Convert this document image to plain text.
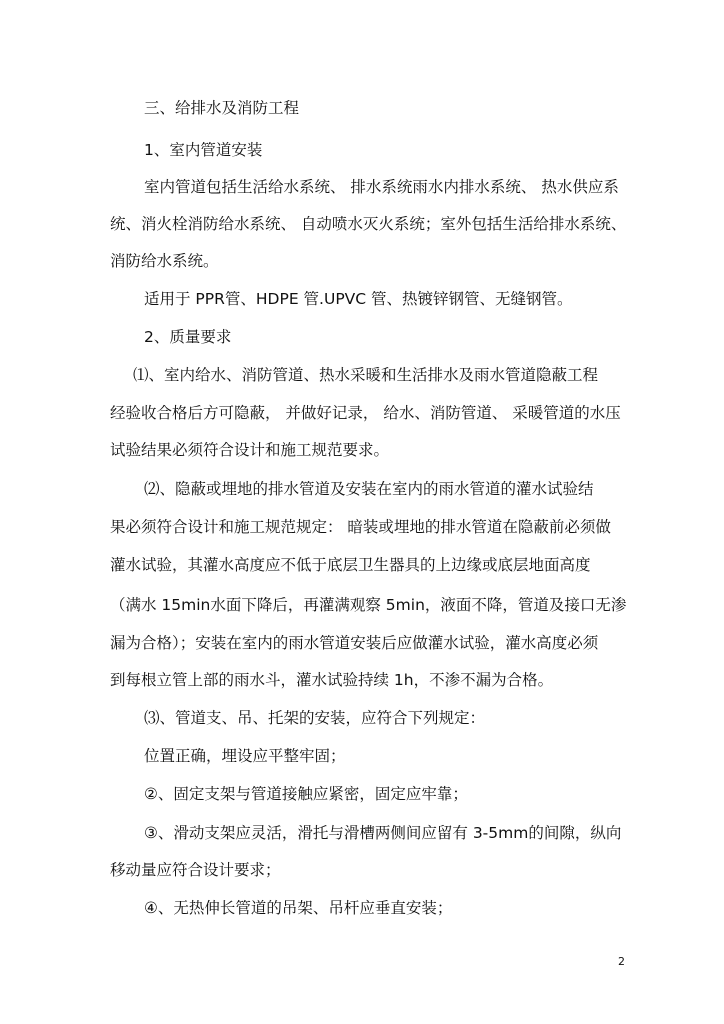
三、给排水及消防工程
1、室内管道安装
室内管道包括生活给水系统、 排水系统雨水内排水系统、 热水供应系
统、消火栓消防给水系统、 自动喷水灭火系统；室外包括生活给排水系统、
消防给水系统。
适用于 PPR管、HDPE 管.UPVC 管、热镀锌钢管、无缝钢管。
2、质量要求
⑴、室内给水、消防管道、热水采暖和生活排水及雨水管道隐蔽工程
经验收合格后方可隐蔽， 并做好记录， 给水、消防管道、 采暖管道的水压
试验结果必须符合设计和施工规范要求。
⑵、隐蔽或埋地的排水管道及安装在室内的雨水管道的灌水试验结
果必须符合设计和施工规范规定： 暗装或埋地的排水管道在隐蔽前必须做
灌水试验，其灌水高度应不低于底层卫生器具的上边缘或底层地面高度
（满水 15min水面下降后，再灌满观察 5min，液面不降，管道及接口无渗
漏为合格）；安装在室内的雨水管道安装后应做灌水试验，灌水高度必须
到每根立管上部的雨水斗，灌水试验持续 1h，不渗不漏为合格。
⑶、管道支、吊、托架的安装，应符合下列规定：
位置正确，埋设应平整牢固；
②、固定支架与管道接触应紧密，固定应牢靠；
③、滑动支架应灵活，滑托与滑槽两侧间应留有 3-5mm的间隙，纵向
移动量应符合设计要求；
④、无热伸长管道的吊架、吊杆应垂直安装；
2
